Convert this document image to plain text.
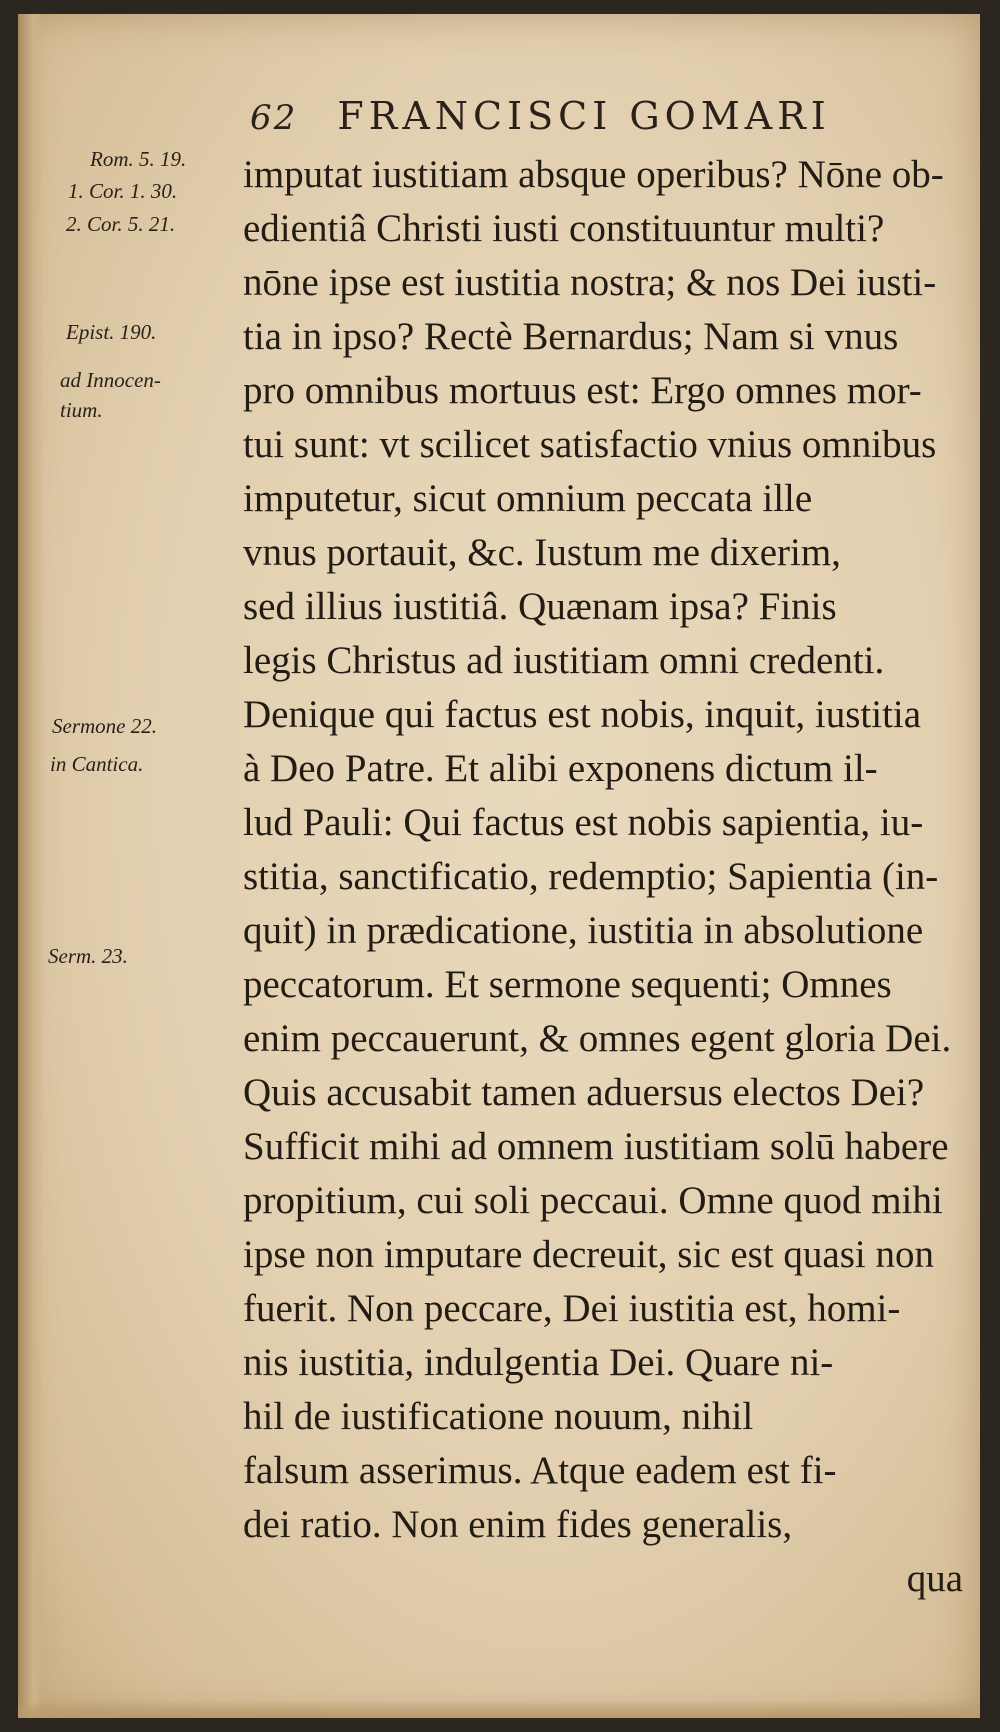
62 FRANCISCI GOMARI
Rom. 5. 19.
1. Cor. 1. 30.
2. Cor. 5. 21.
Epist. 190.
ad Innocen-
tium.
Sermone 22.
in Cantica.
Serm. 23.
imputat iustitiam absque operibus? Nōne ob-
edientiâ Christi iusti constituuntur multi?
nōne ipse est iustitia nostra; & nos Dei iusti-
tia in ipso? Rectè Bernardus; Nam si vnus
pro omnibus mortuus est: Ergo omnes mor-
tui sunt: vt scilicet satisfactio vnius omnibus
imputetur, sicut omnium peccata ille
vnus portauit, &c. Iustum me dixerim,
sed illius iustitiâ. Quænam ipsa? Finis
legis Christus ad iustitiam omni credenti.
Denique qui factus est nobis, inquit, iustitia
à Deo Patre. Et alibi exponens dictum il-
lud Pauli: Qui factus est nobis sapientia, iu-
stitia, sanctificatio, redemptio; Sapientia (in-
quit) in prædicatione, iustitia in absolutione
peccatorum. Et sermone sequenti; Omnes
enim peccauerunt, & omnes egent gloria Dei.
Quis accusabit tamen aduersus electos Dei?
Sufficit mihi ad omnem iustitiam solū habere
propitium, cui soli peccaui. Omne quod mihi
ipse non imputare decreuit, sic est quasi non
fuerit. Non peccare, Dei iustitia est, homi-
nis iustitia, indulgentia Dei. Quare ni-
hil de iustificatione nouum, nihil
falsum asserimus. Atque eadem est fi-
dei ratio. Non enim fides generalis,
qua
